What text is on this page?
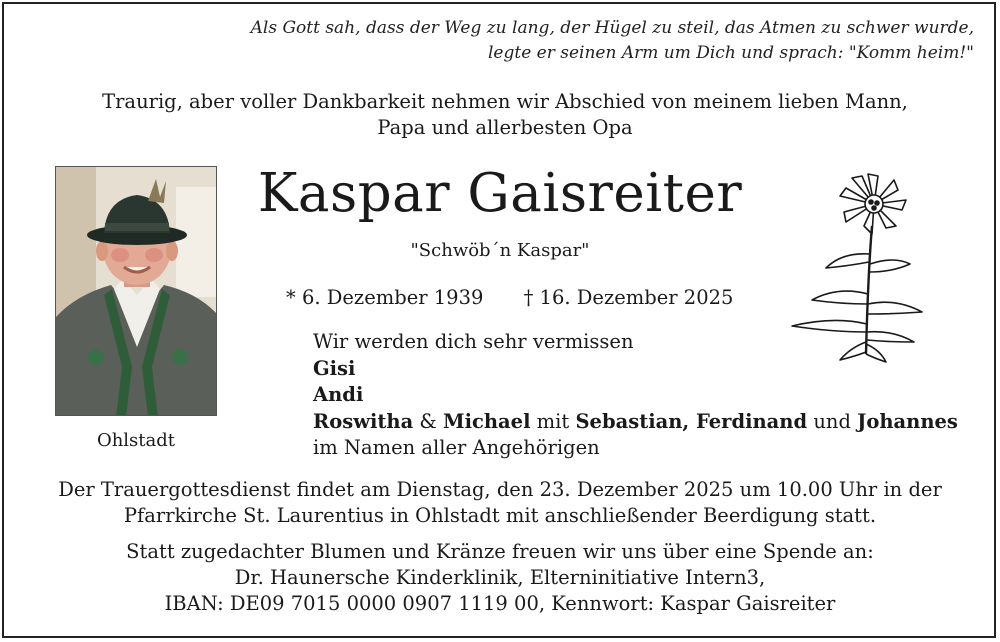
Als Gott sah, dass der Weg zu lang, der Hügel zu steil, das Atmen zu schwer wurde,
legte er seinen Arm um Dich und sprach: "Komm heim!"
Traurig, aber voller Dankbarkeit nehmen wir Abschied von meinem lieben Mann,
Papa und allerbesten Opa
Ohlstadt
Kaspar Gaisreiter
"Schwöb´n Kaspar"
* 6. Dezember 1939 † 16. Dezember 2025
Wir werden dich sehr vermissen
Gisi
Andi
Roswitha & Michael mit Sebastian, Ferdinand und Johannes
im Namen aller Angehörigen
Der Trauergottesdienst findet am Dienstag, den 23. Dezember 2025 um 10.00 Uhr in der
Pfarrkirche St. Laurentius in Ohlstadt mit anschließender Beerdigung statt.
Statt zugedachter Blumen und Kränze freuen wir uns über eine Spende an:
Dr. Haunersche Kinderklinik, Elterninitiative Intern3,
IBAN: DE09 7015 0000 0907 1119 00, Kennwort: Kaspar Gaisreiter
